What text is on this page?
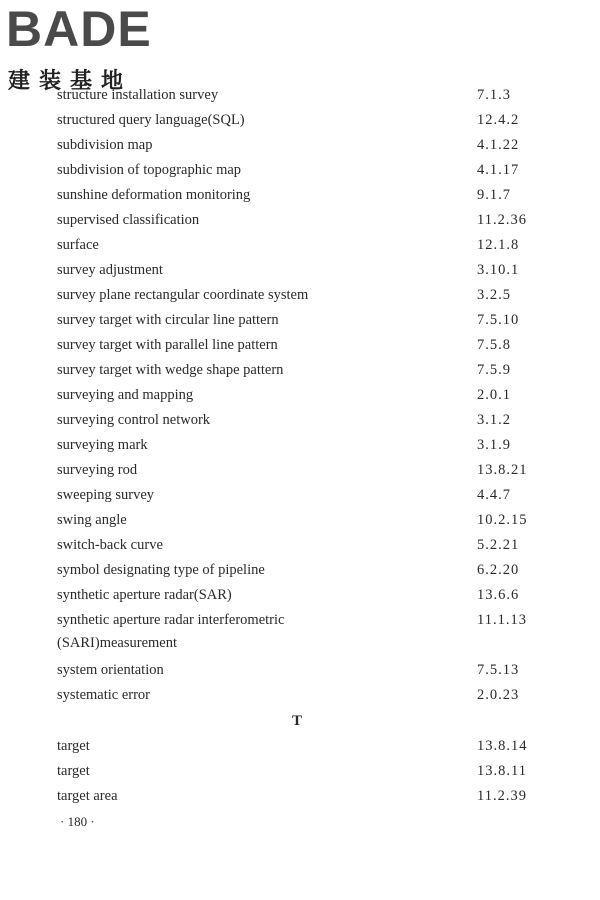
BADE
建装基地
structure installation survey	7.1.3
structured query language(SQL)	12.4.2
subdivision map	4.1.22
subdivision of topographic map	4.1.17
sunshine deformation monitoring	9.1.7
supervised classification	11.2.36
surface	12.1.8
survey adjustment	3.10.1
survey plane rectangular coordinate system	3.2.5
survey target with circular line pattern	7.5.10
survey target with parallel line pattern	7.5.8
survey target with wedge shape pattern	7.5.9
surveying and mapping	2.0.1
surveying control network	3.1.2
surveying mark	3.1.9
surveying rod	13.8.21
sweeping survey	4.4.7
swing angle	10.2.15
switch-back curve	5.2.21
symbol designating type of pipeline	6.2.20
synthetic aperture radar(SAR)	13.6.6
synthetic aperture radar interferometric	11.1.13
(SARI)measurement
system orientation	7.5.13
systematic error	2.0.23
T
target	13.8.14
target	13.8.11
target area	11.2.39
· 180 ·
